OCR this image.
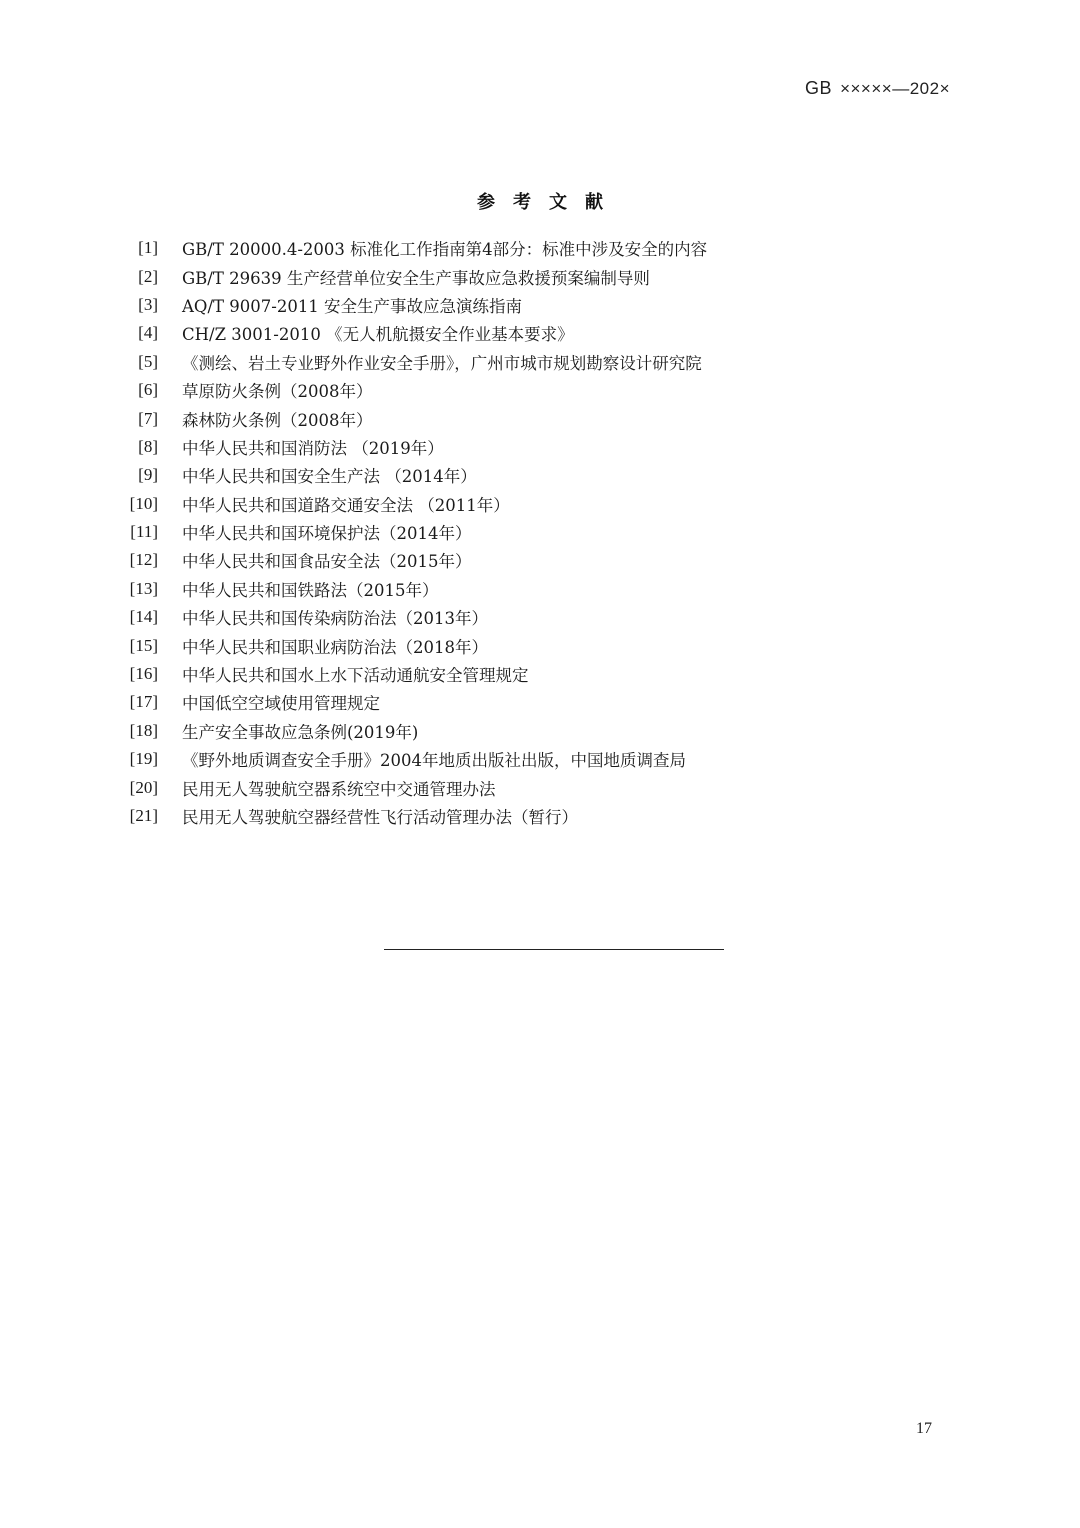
GB ×××××—202×
参考文献
[1] GB/T 20000.4-2003 标准化工作指南第4部分：标准中涉及安全的内容
[2] GB/T 29639 生产经营单位安全生产事故应急救援预案编制导则
[3] AQ/T 9007-2011 安全生产事故应急演练指南
[4] CH/Z 3001-2010 《无人机航摄安全作业基本要求》
[5] 《测绘、岩土专业野外作业安全手册》，广州市城市规划勘察设计研究院
[6] 草原防火条例（2008年）
[7] 森林防火条例（2008年）
[8] 中华人民共和国消防法 （2019年）
[9] 中华人民共和国安全生产法 （2014年）
[10] 中华人民共和国道路交通安全法 （2011年）
[11] 中华人民共和国环境保护法（2014年）
[12] 中华人民共和国食品安全法（2015年）
[13] 中华人民共和国铁路法（2015年）
[14] 中华人民共和国传染病防治法（2013年）
[15] 中华人民共和国职业病防治法（2018年）
[16] 中华人民共和国水上水下活动通航安全管理规定
[17] 中国低空空域使用管理规定
[18] 生产安全事故应急条例(2019年)
[19] 《野外地质调查安全手册》2004年地质出版社出版，中国地质调查局
[20] 民用无人驾驶航空器系统空中交通管理办法
[21] 民用无人驾驶航空器经营性飞行活动管理办法（暂行）
17
